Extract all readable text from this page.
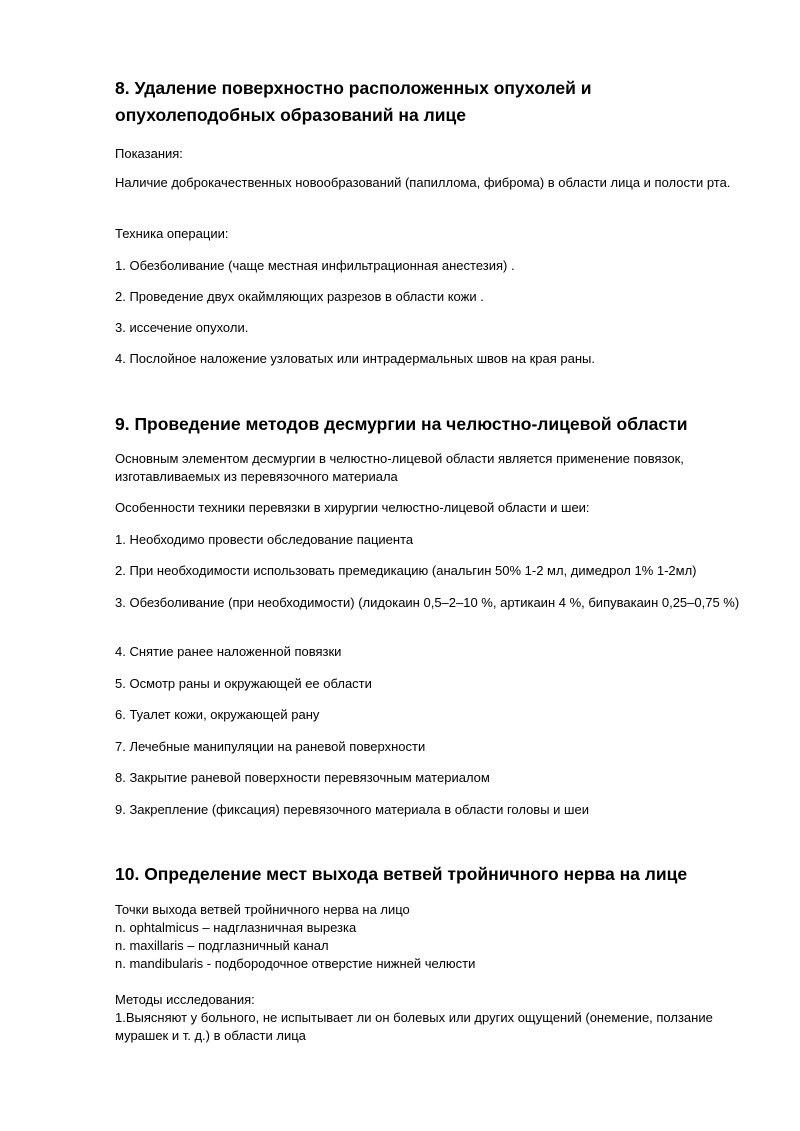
8. Удаление поверхностно расположенных опухолей и опухолеподобных образований на лице

Показания:

Наличие доброкачественных новообразований (папиллома, фиброма) в области лица и полости рта.

Техника операции:

1. Обезболивание (чаще местная инфильтрационная анестезия) .

2. Проведение двух окаймляющих разрезов в области кожи .

3. иссечение опухоли.

4. Послойное наложение узловатых или интрадермальных швов на края раны.

9. Проведение методов десмургии на челюстно-лицевой области

Основным элементом десмургии в челюстно-лицевой области является применение повязок, изготавливаемых из перевязочного материала

Особенности техники перевязки в хирургии челюстно-лицевой области и шеи:

1. Необходимо провести обследование пациента

2. При необходимости использовать премедикацию (анальгин 50% 1-2 мл, димедрол 1% 1-2мл)

3. Обезболивание (при необходимости) (лидокаин 0,5–2–10 %, артикаин 4 %, бипувакаин 0,25–0,75 %)

4. Снятие ранее наложенной повязки

5. Осмотр раны и окружающей ее области

6. Туалет кожи, окружающей рану

7. Лечебные манипуляции на раневой поверхности

8. Закрытие раневой поверхности перевязочным материалом

9. Закрепление (фиксация) перевязочного материала в области головы и шеи

10. Определение мест выхода ветвей тройничного нерва на лице

Точки выхода ветвей тройничного нерва на лицо
n. ophtalmicus – надглазничная вырезка
n. maxillaris – подглазничный канал
n. mandibularis - подбородочное отверстие нижней челюсти

Методы исследования:
1.Выясняют у больного, не испытывает ли он болевых или других ощущений (онемение, ползание мурашек и т. д.) в области лица
